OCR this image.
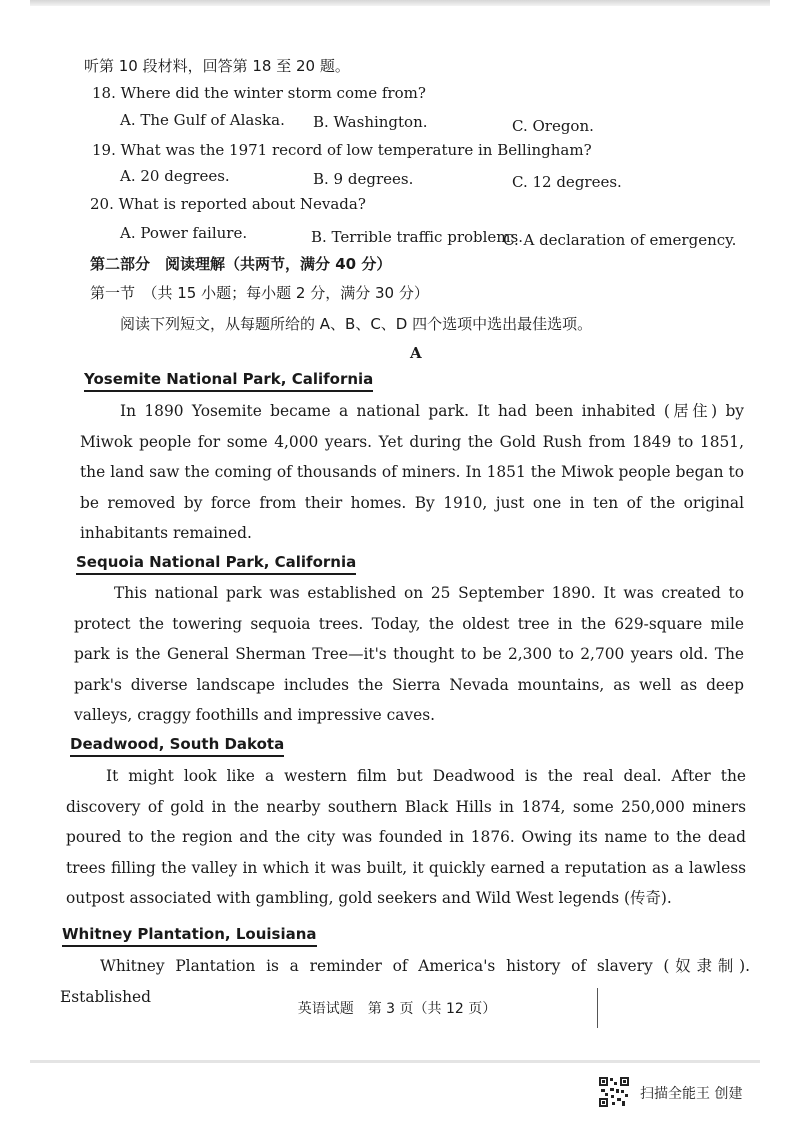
听第 10 段材料，回答第 18 至 20 题。
18. Where did the winter storm come from?
A. The Gulf of Alaska. B. Washington.	C. Oregon.
19. What was the 1971 record of low temperature in Bellingham?
A. 20 degrees.	B. 9 degrees.	C. 12 degrees.
20. What is reported about Nevada?
A. Power failure.	B. Terrible traffic problems.
C. A declaration of emergency.
第二部分　阅读理解（共两节，满分 40 分）
第一节　（共 15 小题；每小题 2 分，满分 30 分）
阅读下列短文，从每题所给的 A、B、C、D 四个选项中选出最佳选项。
A
Yosemite National Park, California
In 1890 Yosemite became a national park. It had been inhabited (居住) by Miwok people for some 4,000 years. Yet during the Gold Rush from 1849 to 1851, the land saw the coming of thousands of miners. In 1851 the Miwok people began to be removed by force from their homes. By 1910, just one in ten of the original inhabitants remained.
Sequoia National Park, California
This national park was established on 25 September 1890. It was created to protect the towering sequoia trees. Today, the oldest tree in the 629-square mile park is the General Sherman Tree—it's thought to be 2,300 to 2,700 years old. The park's diverse landscape includes the Sierra Nevada mountains, as well as deep valleys, craggy foothills and impressive caves.
Deadwood, South Dakota
It might look like a western film but Deadwood is the real deal. After the discovery of gold in the nearby southern Black Hills in 1874, some 250,000 miners poured to the region and the city was founded in 1876. Owing its name to the dead trees filling the valley in which it was built, it quickly earned a reputation as a lawless outpost associated with gambling, gold seekers and Wild West legends (传奇).
Whitney Plantation, Louisiana
Whitney Plantation is a reminder of America's history of slavery (奴隶制). Established
英语试题　第 3 页（共 12 页）
扫描全能王 创建
